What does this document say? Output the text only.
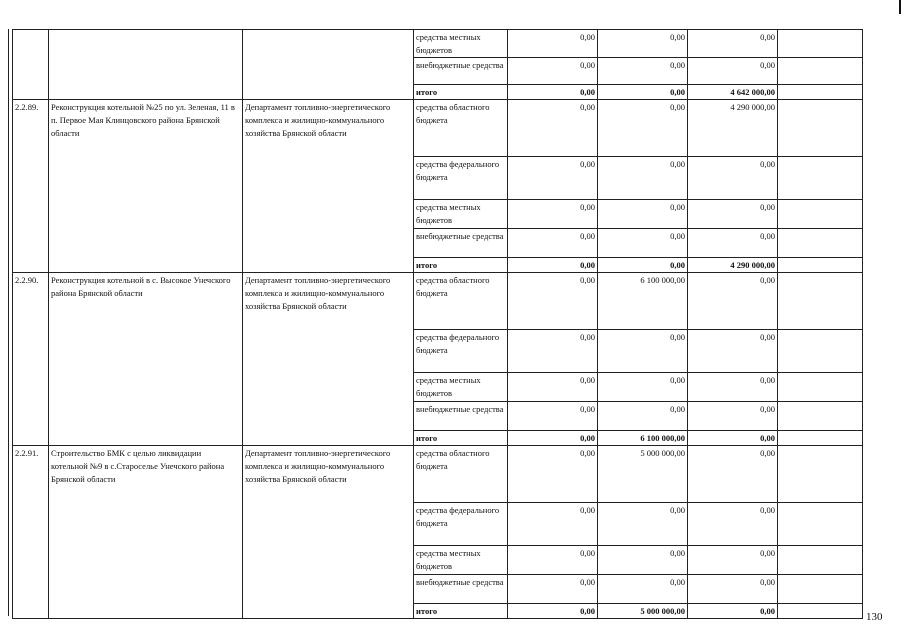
			средства местных бюджетов	0,00	0,00	0,00	
			внебюджетные средства	0,00	0,00	0,00	
			итого	0,00	0,00	4 642 000,00	
2.2.89.	Реконструкция котельной №25 по ул. Зеленая, 11 в п. Первое Мая Клинцовского района Брянской области	Департамент топливно-энергетического комплекса и жилищно-коммунального хозяйства Брянской области	средства областного бюджета	0,00	0,00	4 290 000,00	
			средства федерального бюджета	0,00	0,00	0,00	
			средства местных бюджетов	0,00	0,00	0,00	
			внебюджетные средства	0,00	0,00	0,00	
			итого	0,00	0,00	4 290 000,00	
2.2.90.	Реконструкция котельной в с. Высокое Унечского района Брянской области	Департамент топливно-энергетического комплекса и жилищно-коммунального хозяйства Брянской области	средства областного бюджета	0,00	6 100 000,00	0,00	
			средства федерального бюджета	0,00	0,00	0,00	
			средства местных бюджетов	0,00	0,00	0,00	
			внебюджетные средства	0,00	0,00	0,00	
			итого	0,00	6 100 000,00	0,00	
2.2.91.	Строительство БМК с целью ликвидации котельной №9 в с.Староселье Унечского района Брянской области	Департамент топливно-энергетического комплекса и жилищно-коммунального хозяйства Брянской области	средства областного бюджета	0,00	5 000 000,00	0,00	
			средства федерального бюджета	0,00	0,00	0,00	
			средства местных бюджетов	0,00	0,00	0,00	
			внебюджетные средства	0,00	0,00	0,00	
			итого	0,00	5 000 000,00	0,00		130
